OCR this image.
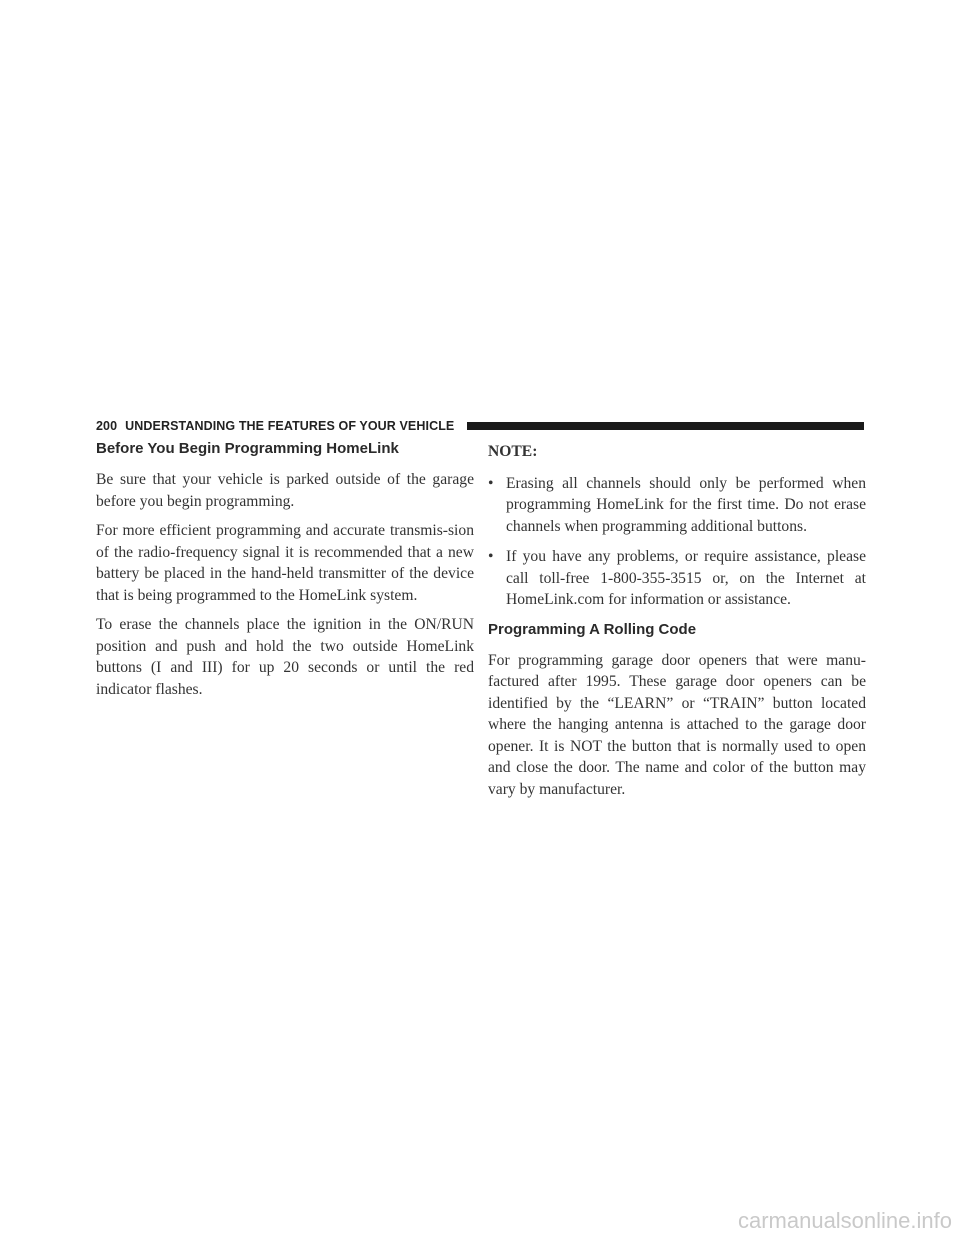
200 UNDERSTANDING THE FEATURES OF YOUR VEHICLE
Before You Begin Programming HomeLink

Be sure that your vehicle is parked outside of the garage before you begin programming.

For more efficient programming and accurate transmis-sion of the radio-frequency signal it is recommended that a new battery be placed in the hand-held transmitter of the device that is being programmed to the HomeLink system.

To erase the channels place the ignition in the ON/RUN position and push and hold the two outside HomeLink buttons (I and III) for up 20 seconds or until the red indicator flashes.

NOTE:
• Erasing all channels should only be performed when programming HomeLink for the first time. Do not erase channels when programming additional buttons.
• If you have any problems, or require assistance, please call toll-free 1-800-355-3515 or, on the Internet at HomeLink.com for information or assistance.
Programming A Rolling Code

For programming garage door openers that were manu-factured after 1995. These garage door openers can be identified by the “LEARN” or “TRAIN” button located where the hanging antenna is attached to the garage door opener. It is NOT the button that is normally used to open and close the door. The name and color of the button may vary by manufacturer.

carmanualsonline.info
